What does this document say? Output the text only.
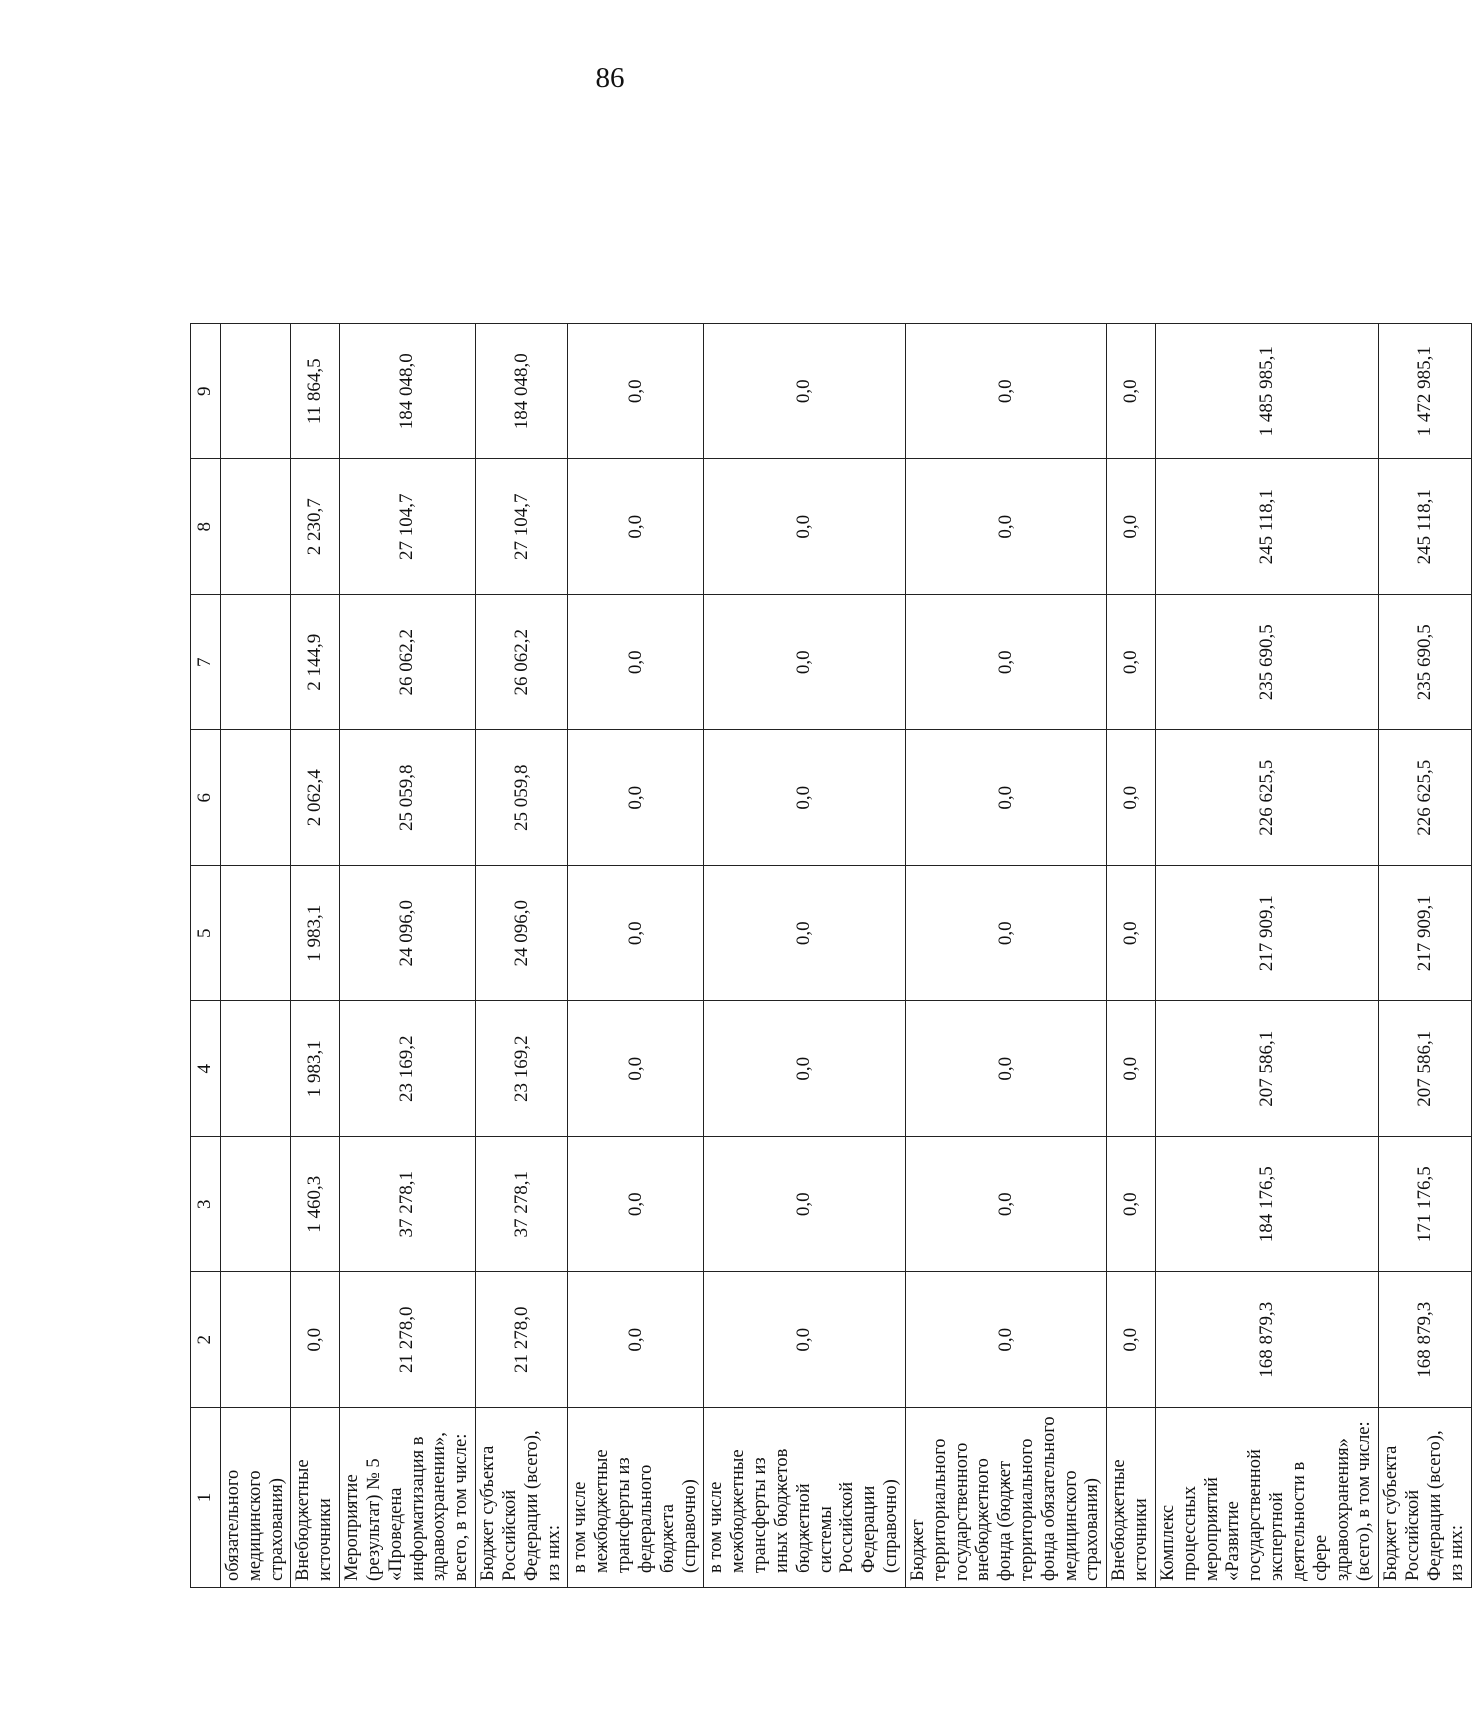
86
1	2	3	4	5	6	7	8	9
обязательного медицинского страхования)								
Внебюджетные источники	0,0	1 460,3	1 983,1	1 983,1	2 062,4	2 144,9	2 230,7	11 864,5
Мероприятие (результат) № 5 «Проведена информатизация в здравоохранении», всего, в том числе:	21 278,0	37 278,1	23 169,2	24 096,0	25 059,8	26 062,2	27 104,7	184 048,0
Бюджет субъекта Российской Федерации (всего), из них:	21 278,0	37 278,1	23 169,2	24 096,0	25 059,8	26 062,2	27 104,7	184 048,0
в том числе межбюджетные трансферты из федерального бюджета (справочно)	0,0	0,0	0,0	0,0	0,0	0,0	0,0	0,0
в том числе межбюджетные трансферты из иных бюджетов бюджетной системы Российской Федерации (справочно)	0,0	0,0	0,0	0,0	0,0	0,0	0,0	0,0
Бюджет территориального государственного внебюджетного фонда (бюджет территориального фонда обязательного медицинского страхования)	0,0	0,0	0,0	0,0	0,0	0,0	0,0	0,0
Внебюджетные источники	0,0	0,0	0,0	0,0	0,0	0,0	0,0	0,0
Комплекс процессных мероприятий «Развитие государственной экспертной деятельности в сфере здравоохранения» (всего), в том числе:	168 879,3	184 176,5	207 586,1	217 909,1	226 625,5	235 690,5	245 118,1	1 485 985,1
Бюджет субъекта Российской Федерации (всего), из них:	168 879,3	171 176,5	207 586,1	217 909,1	226 625,5	235 690,5	245 118,1	1 472 985,1
